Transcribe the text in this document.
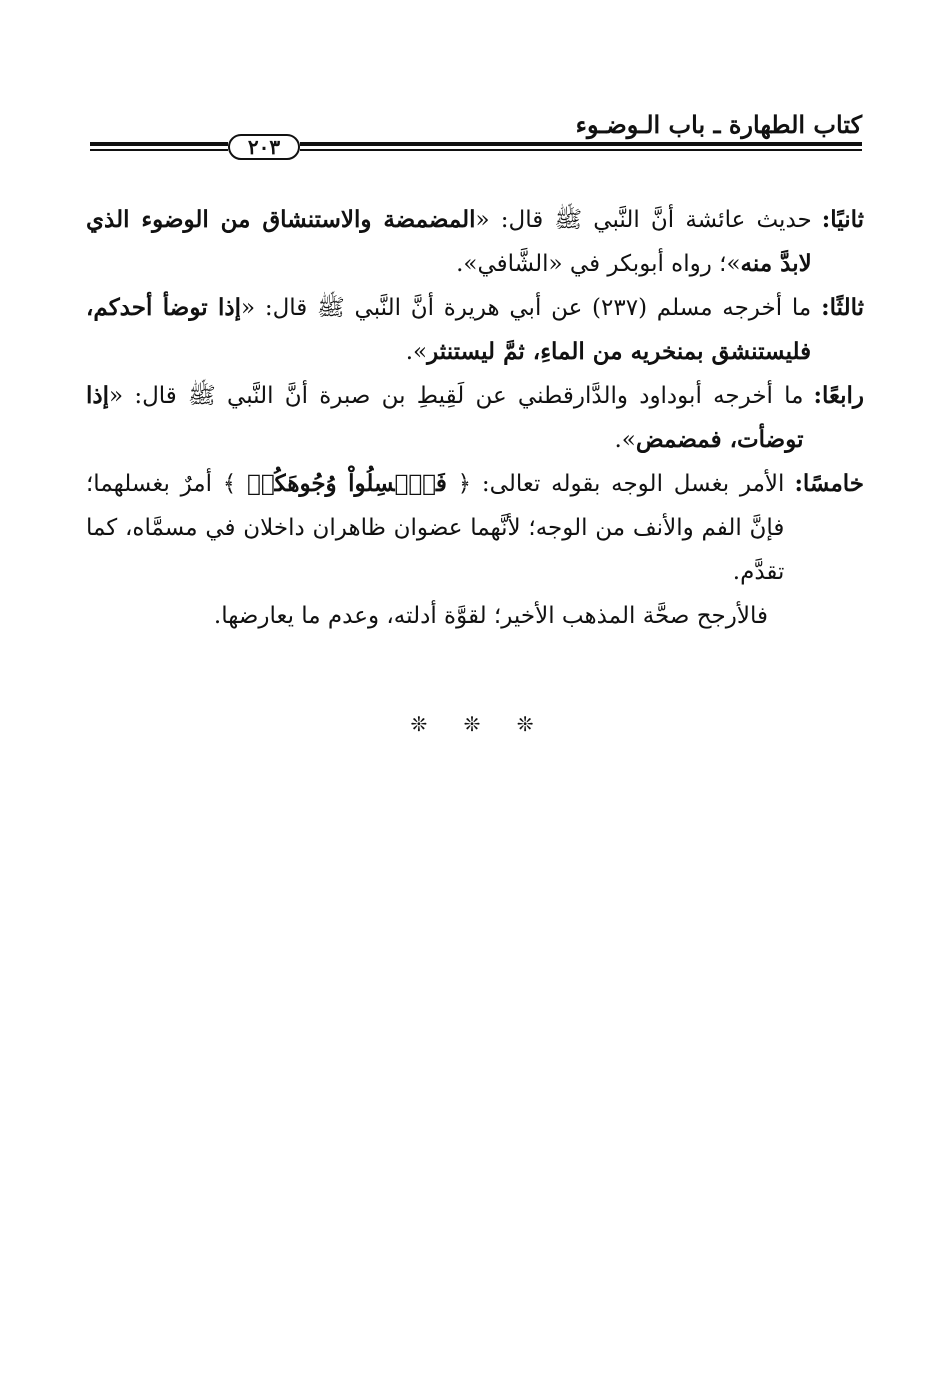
كتاب الطهارة ـ باب الـوضـوء
٢٠٣
ثانيًا:
حديث عائشة أنَّ النَّبي ﷺ قال: «المضمضة والاستنشاق من الوضوء الذي لابدَّ منه»؛ رواه أبوبكر في «الشَّافي».
ثالثًا:
ما أخرجه مسلم (٢٣٧) عن أبي هريرة أنَّ النَّبي ﷺ قال: «إذا توضأ أحدكم، فليستنشق بمنخريه من الماءِ، ثمَّ ليستنثر».
رابعًا:
ما أخرجه أبوداود والدَّارقطني عن لَقِيطِ بن صبرة أنَّ النَّبي ﷺ قال: «إذا توضأت، فمضمض».
خامسًا:
الأمر بغسل الوجه بقوله تعالى: ﴿ فَٱغۡسِلُواْ وُجُوهَكُمۡ ﴾ أمرٌ بغسلهما؛ فإنَّ الفم والأنف من الوجه؛ لأنَّهما عضوان ظاهران داخلان في مسمَّاه، كما تقدَّم.
فالأرجح صحَّة المذهب الأخير؛ لقوَّة أدلته، وعدم ما يعارضها.
❊ ❊ ❊
